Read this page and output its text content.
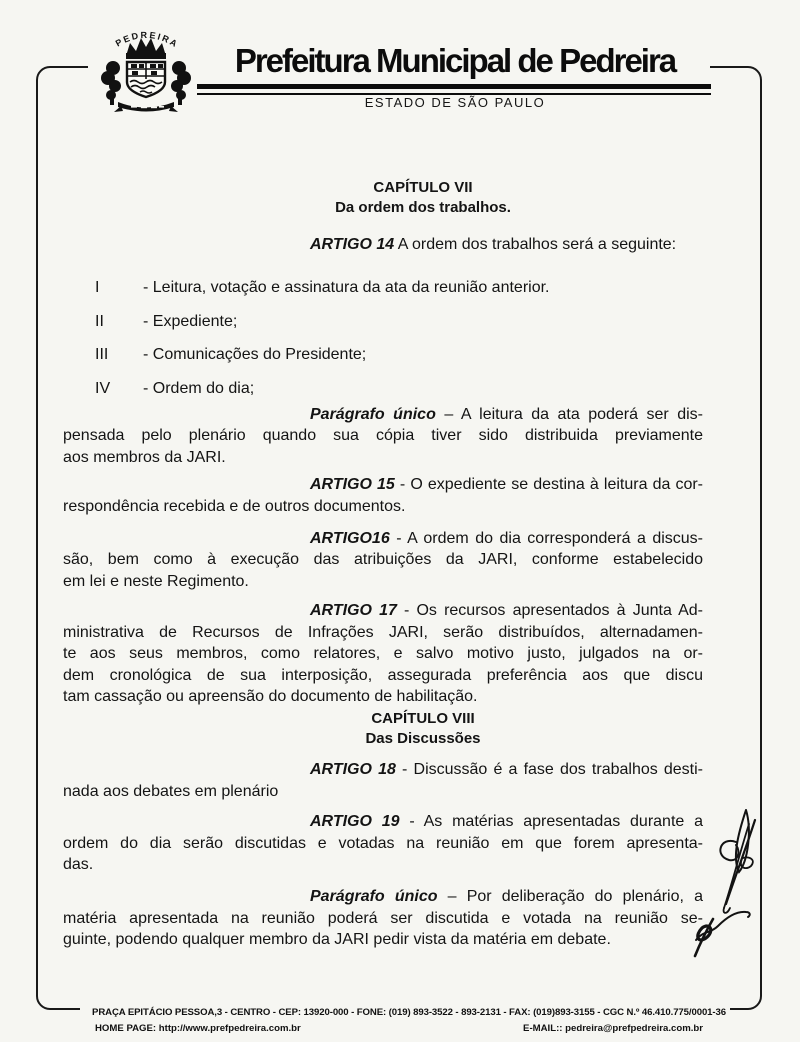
PEDREIRA	Prefeitura Municipal de Pedreira
ESTADO DE SÃO PAULO
CAPÍTULO VII
Da ordem dos trabalhos.
ARTIGO 14 A ordem dos trabalhos será a seguinte:
I	- Leitura, votação e assinatura da ata da reunião anterior.
II	- Expediente;
III	- Comunicações do Presidente;
IV	- Ordem do dia;
Parágrafo único – A leitura da ata poderá ser dis-
pensada pelo plenário quando sua cópia tiver sido distribuida previamente
aos membros da JARI.
ARTIGO 15 - O expediente se destina à leitura da cor-
respondência recebida e de outros documentos.
ARTIGO16 - A ordem do dia corresponderá a discus-
são, bem como à execução das atribuições da JARI, conforme estabelecido
em lei e neste Regimento.
ARTIGO 17 - Os recursos apresentados à Junta Ad-
ministrativa de Recursos de Infrações JARI, serão distribuídos, alternadamen-
te aos seus membros, como relatores, e salvo motivo justo, julgados na or-
dem cronológica de sua interposição, assegurada preferência aos que discu
tam cassação ou apreensão do documento de habilitação.
CAPÍTULO VIII
Das Discussões
ARTIGO 18 - Discussão é a fase dos trabalhos desti-
nada aos debates em plenário
ARTIGO 19 - As matérias apresentadas durante a
ordem do dia serão discutidas e votadas na reunião em que forem apresenta-
das.
Parágrafo único – Por deliberação do plenário, a
matéria apresentada na reunião poderá ser discutida e votada na reunião se-
guinte, podendo qualquer membro da JARI pedir vista da matéria em debate.
PRAÇA EPITÁCIO PESSOA,3 - CENTRO - CEP: 13920-000 - FONE: (019) 893-3522 - 893-2131 - FAX: (019)893-3155 - CGC N.º 46.410.775/0001-36
HOME PAGE: http://www.prefpedreira.com.br	E-MAIL:: pedreira@prefpedreira.com.br
